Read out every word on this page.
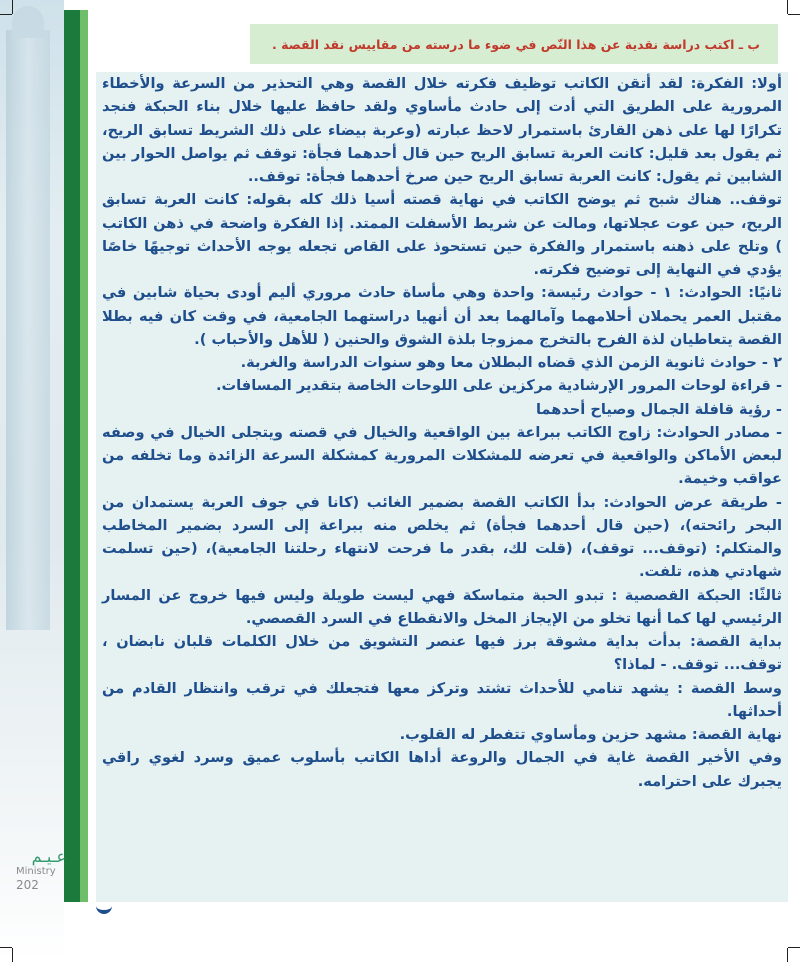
ب ـ اكتب دراسة نقدية عن هذا النّص في ضوء ما درسته من مقاييس نقد القصة .

أولا: الفكرة: لقد أتقن الكاتب توظيف فكرته خلال القصة وهي التحذير من السرعة والأخطاء المرورية على الطريق التي أدت إلى حادث مأساوي ولقد حافظ عليها خلال بناء الحبكة فنجد تكرارًا لها على ذهن القارئ باستمرار لاحظ عبارته (وعربة بيضاء على ذلك الشريط تسابق الريح، ثم يقول بعد قليل: كانت العربة تسابق الريح حين قال أحدهما فجأة: توقف ثم يواصل الحوار بين الشابين ثم يقول: كانت العربة تسابق الريح حين صرخ أحدهما فجأة: توقف..

توقف.. هناك شبح ثم يوضح الكاتب في نهاية قصته أسيا ذلك كله بقوله: كانت العربة تسابق الريح، حين عوت عجلاتها، ومالت عن شريط الأسفلت الممتد. إذا الفكرة واضحة في ذهن الكاتب ) وتلح على ذهنه باستمرار والفكرة حين تستحوذ على القاص تجعله يوجه الأحداث توجيهًا خاصًا يؤدي في النهاية إلى توضيح فكرته.

ثانيًا: الحوادث: ١ - حوادث رئيسة: واحدة وهي مأساة حادث مروري أليم أودى بحياة شابين في مقتبل العمر يحملان أحلامهما وآمالهما بعد أن أنهيا دراستهما الجامعية، في وقت كان فيه بطلا القصة يتعاطيان لذة الفرح بالتخرج ممزوجا بلذة الشوق والحنين ( للأهل والأحباب ).

٢ - حوادث ثانوية الزمن الذي قضاه البطلان معا وهو سنوات الدراسة والغربة.

- قراءة لوحات المرور الإرشادية مركزين على اللوحات الخاصة بتقدير المسافات.

- رؤية قافلة الجمال وصياح أحدهما

- مصادر الحوادث: زاوج الكاتب ببراعة بين الواقعية والخيال في قصته ويتجلى الخيال في وصفه لبعض الأماكن والواقعية في تعرضه للمشكلات المرورية كمشكلة السرعة الزائدة وما تخلفه من عواقب وخيمة.

- طريقة عرض الحوادث: بدأ الكاتب القصة بضمير الغائب (كانا في جوف العربة يستمدان من البحر رائحته)، (حين قال أحدهما فجأة) ثم يخلص منه ببراعة إلى السرد بضمير المخاطب والمتكلم: (توقف... توقف)، (قلت لك، بقدر ما فرحت لانتهاء رحلتنا الجامعية)، (حين تسلمت شهادتي هذه، تلفت.

ثالثًا: الحبكة القصصية : تبدو الحبة متماسكة فهي ليست طويلة وليس فيها خروج عن المسار الرئيسي لها كما أنها تخلو من الإيجاز المخل والانقطاع في السرد القصصي.

بداية القصة: بدأت بداية مشوقة برز فيها عنصر التشويق من خلال الكلمات قلبان نابضان ، توقف... توقف. - لماذا؟

وسط القصة : يشهد تنامي للأحداث تشتد وتركز معها فتجعلك في ترقب وانتظار القادم من أحداثها.

نهاية القصة: مشهد حزين ومأساوي تتفطر له القلوب.

وفي الأخير القصة غاية في الجمال والروعة أداها الكاتب بأسلوب عميق وسرد لغوي راقي يجبرك على احترامه.

عـيـم
Ministry
202
